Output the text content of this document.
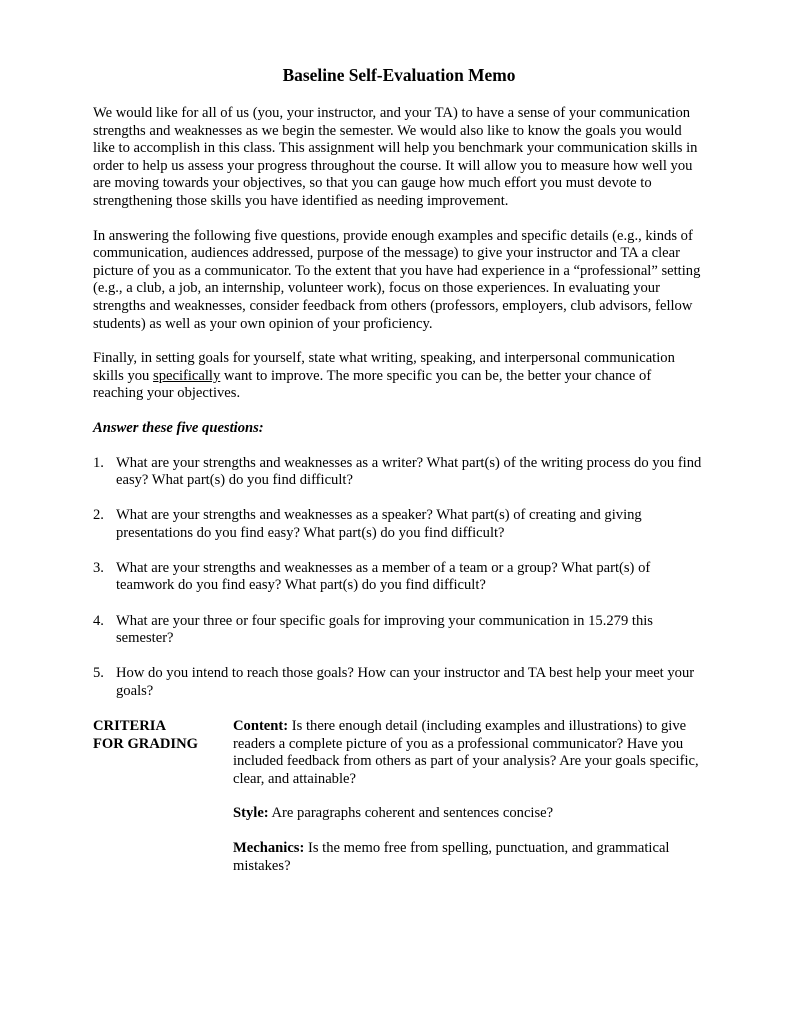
Baseline Self-Evaluation Memo

We would like for all of us (you, your instructor, and your TA) to have a sense of your communication strengths and weaknesses as we begin the semester. We would also like to know the goals you would like to accomplish in this class. This assignment will help you benchmark your communication skills in order to help us assess your progress throughout the course. It will allow you to measure how well you are moving towards your objectives, so that you can gauge how much effort you must devote to strengthening those skills you have identified as needing improvement.

In answering the following five questions, provide enough examples and specific details (e.g., kinds of communication, audiences addressed, purpose of the message) to give your instructor and TA a clear picture of you as a communicator. To the extent that you have had experience in a “professional” setting (e.g., a club, a job, an internship, volunteer work), focus on those experiences. In evaluating your strengths and weaknesses, consider feedback from others (professors, employers, club advisors, fellow students) as well as your own opinion of your proficiency.

Finally, in setting goals for yourself, state what writing, speaking, and interpersonal communication skills you specifically want to improve. The more specific you can be, the better your chance of reaching your objectives.

Answer these five questions:
1. What are your strengths and weaknesses as a writer? What part(s) of the writing process do you find easy? What part(s) do you find difficult?
2. What are your strengths and weaknesses as a speaker? What part(s) of creating and giving presentations do you find easy? What part(s) do you find difficult?
3. What are your strengths and weaknesses as a member of a team or a group? What part(s) of teamwork do you find easy? What part(s) do you find difficult?
4. What are your three or four specific goals for improving your communication in 15.279 this semester?
5. How do you intend to reach those goals? How can your instructor and TA best help your meet your goals?
CRITERIA
FOR GRADING

Content: Is there enough detail (including examples and illustrations) to give readers a complete picture of you as a professional communicator? Have you included feedback from others as part of your analysis? Are your goals specific, clear, and attainable?

Style: Are paragraphs coherent and sentences concise?

Mechanics: Is the memo free from spelling, punctuation, and grammatical mistakes?
